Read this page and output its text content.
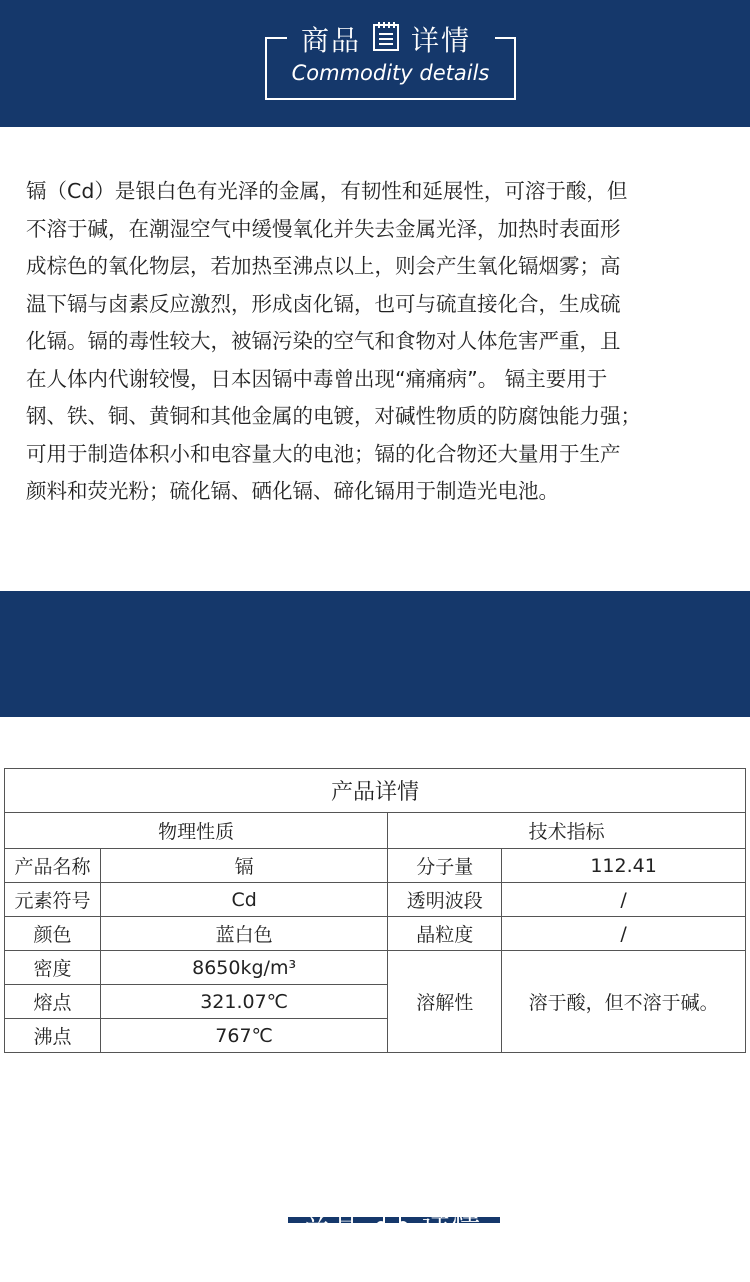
商品 详情
Commodity details
镉（Cd）是银白色有光泽的金属，有韧性和延展性，可溶于酸，但
不溶于碱，在潮湿空气中缓慢氧化并失去金属光泽，加热时表面形
成棕色的氧化物层，若加热至沸点以上，则会产生氧化镉烟雾；高
温下镉与卤素反应激烈，形成卤化镉，也可与硫直接化合，生成硫
化镉。镉的毒性较大，被镉污染的空气和食物对人体危害严重，且
在人体内代谢较慢，日本因镉中毒曾出现“痛痛病”。 镉主要用于
钢、铁、铜、黄铜和其他金属的电镀，对碱性物质的防腐蚀能力强；
可用于制造体积小和电容量大的电池；镉的化合物还大量用于生产
颜料和荧光粉；硫化镉、硒化镉、碲化镉用于制造光电池。
产品 详情
Chemical composition
产品详情			
物理性质		技术指标	
产品名称	镉	分子量	112.41
元素符号	Cd	透明波段	/
颜色	蓝白色	晶粒度	/
密度	8650kg/m³	溶解性	溶于酸，但不溶于碱。
熔点	321.07℃		
沸点	767℃		
